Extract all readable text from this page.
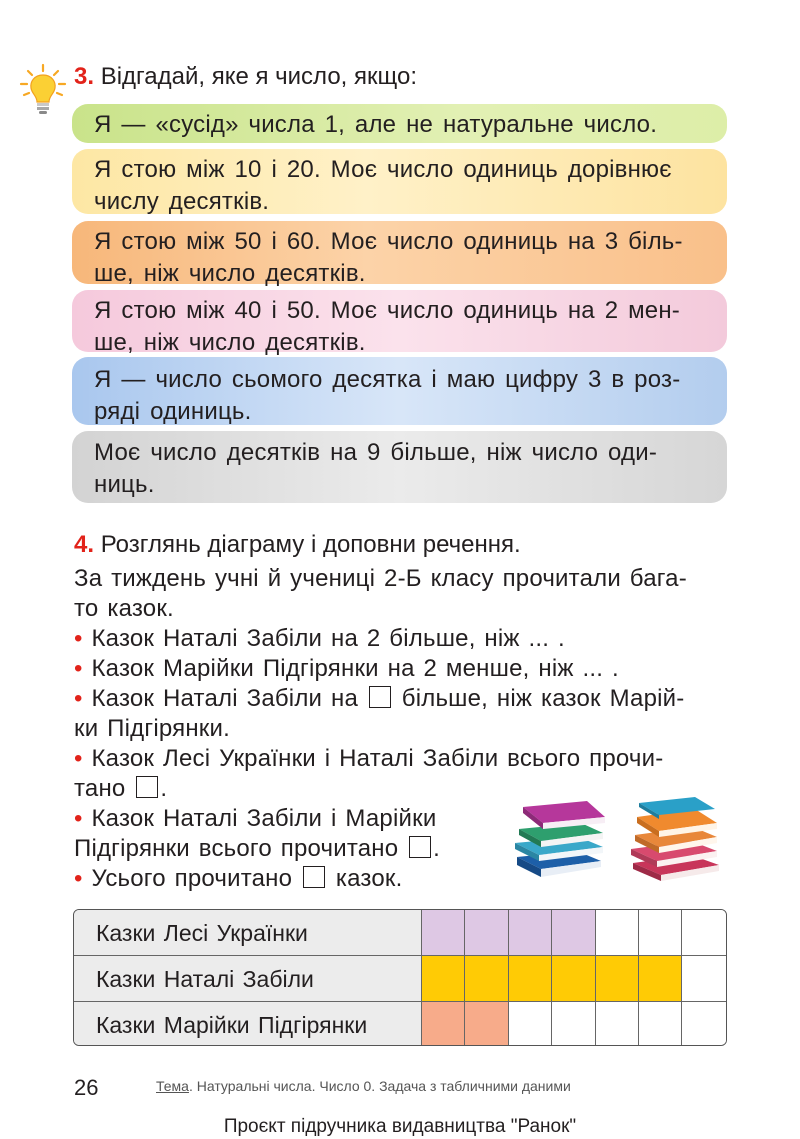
3. Відгадай, яке я число, якщо:
Я — «сусід» числа 1, але не натуральне число.
Я стою між 10 і 20. Моє число одиниць дорівнює
числу десятків.
Я стою між 50 і 60. Моє число одиниць на 3 біль-
ше, ніж число десятків.
Я стою між 40 і 50. Моє число одиниць на 2 мен-
ше, ніж число десятків.
Я — число сьомого десятка і маю цифру 3 в роз-
ряді одиниць.
Моє число десятків на 9 більше, ніж число оди-
ниць.
4. Розглянь діаграму і доповни речення.
За тиждень учні й учениці 2-Б класу прочитали бага-
то казок.
• Казок Наталі Забіли на 2 більше, ніж ... .
• Казок Марійки Підгірянки на 2 менше, ніж ... .
• Казок Наталі Забіли на більше, ніж казок Марій-
ки Підгірянки.
• Казок Лесі Українки і Наталі Забіли всього прочи-
тано .
• Казок Наталі Забіли і Марійки
Підгірянки всього прочитано .
• Усього прочитано казок.
Казки Лесі Українки
Казки Наталі Забіли
Казки Марійки Підгірянки
26	Тема. Натуральні числа. Число 0. Задача з табличними даними
Проєкт підручника видавництва "Ранок"
